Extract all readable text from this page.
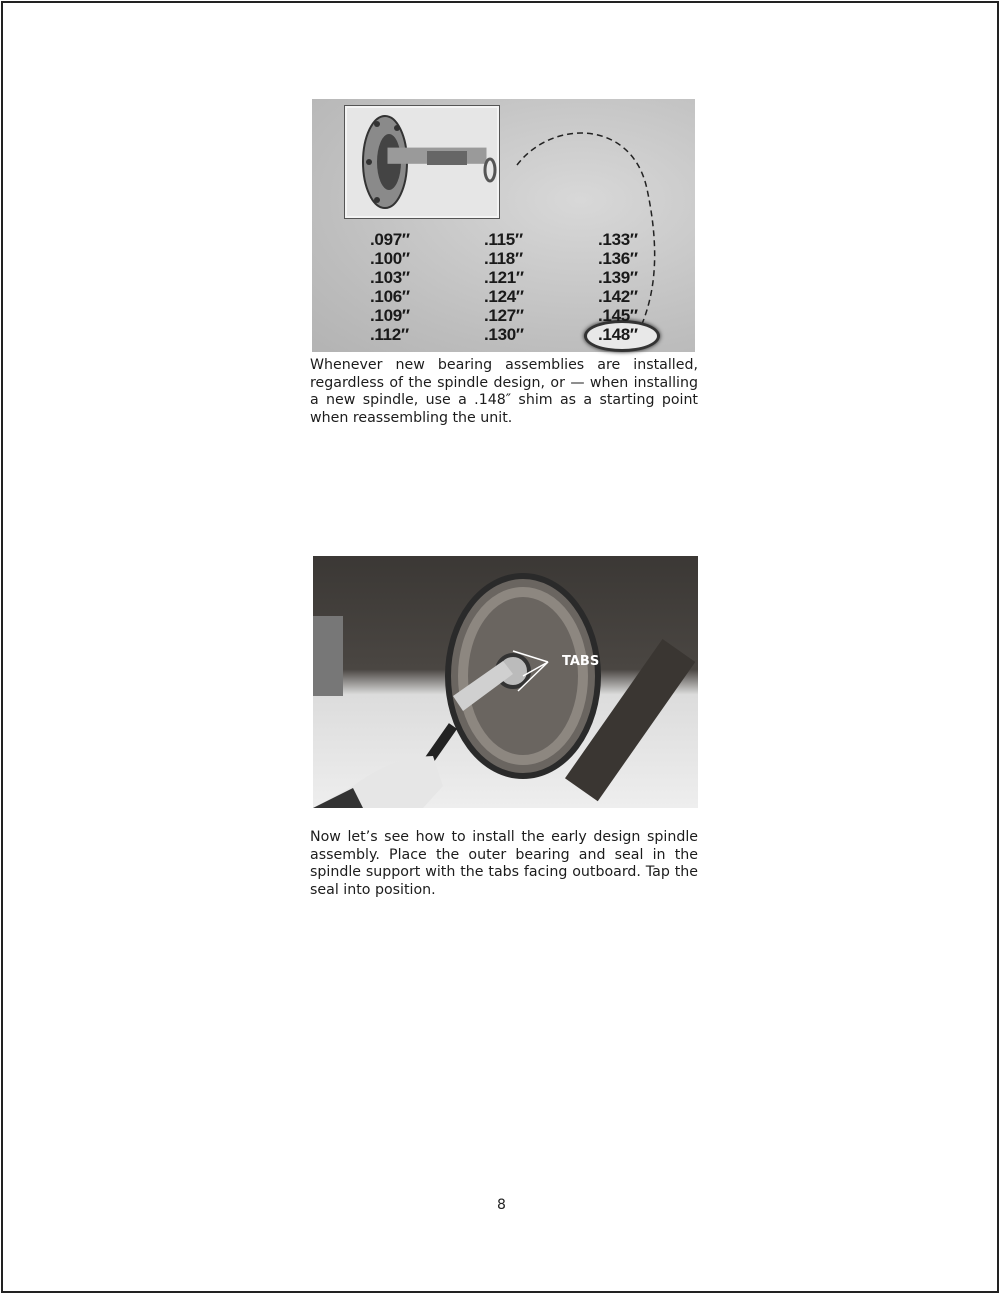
.097″
.100″
.103″
.106″
.109″
.112″
.115″
.118″
.121″
.124″
.127″
.130″
.133″
.136″
.139″
.142″
.145″
.148″
Whenever new bearing assemblies are installed, regardless of the spindle design, or — when installing a new spindle, use a .148″ shim as a starting point when reassembling the unit.
TABS
Now let’s see how to install the early design spindle assembly. Place the outer bearing and seal in the spindle support with the tabs facing outboard. Tap the seal into position.
8
